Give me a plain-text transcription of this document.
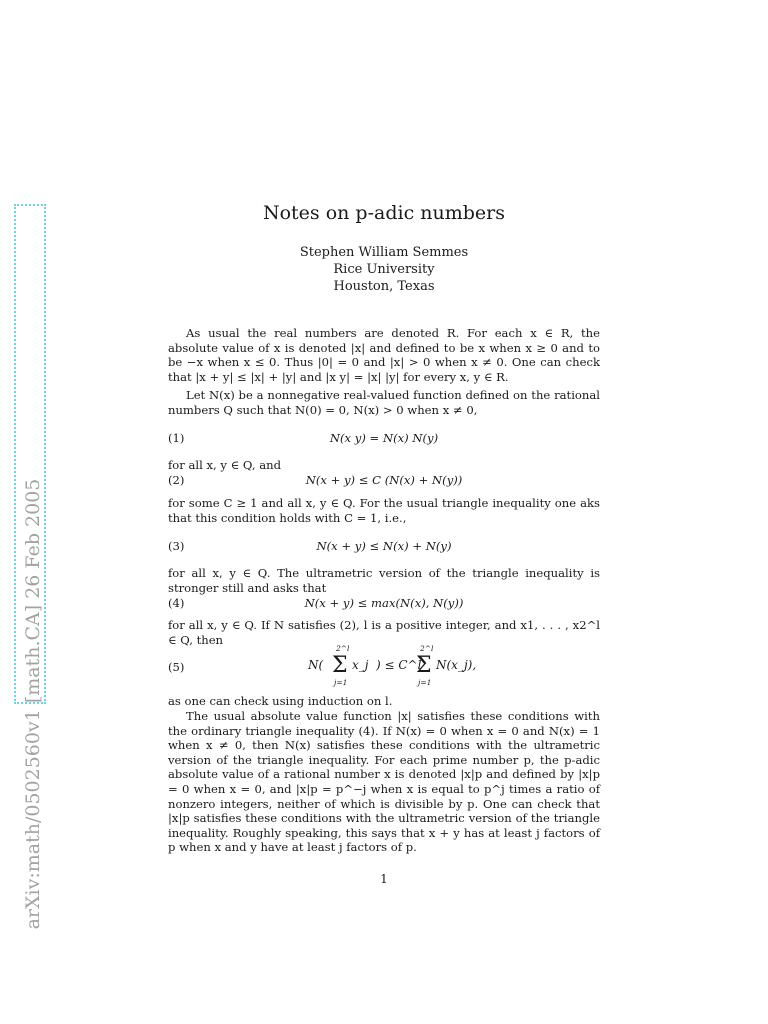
arXiv:math/0502560v1 [math.CA] 26 Feb 2005
Notes on p-adic numbers
Stephen William Semmes
Rice University
Houston, Texas
As usual the real numbers are denoted R. For each x ∈ R, the absolute value of x is denoted |x| and defined to be x when x ≥ 0 and to be −x when x ≤ 0. Thus |0| = 0 and |x| > 0 when x ≠ 0. One can check that |x + y| ≤ |x| + |y| and |x y| = |x| |y| for every x, y ∈ R.
Let N(x) be a nonnegative real-valued function defined on the rational numbers Q such that N(0) = 0, N(x) > 0 when x ≠ 0,
(1)	N(x y) = N(x) N(y)
for all x, y ∈ Q, and
(2)	N(x + y) ≤ C (N(x) + N(y))
for some C ≥ 1 and all x, y ∈ Q. For the usual triangle inequality one aks that this condition holds with C = 1, i.e.,
(3)	N(x + y) ≤ N(x) + N(y)
for all x, y ∈ Q. The ultrametric version of the triangle inequality is stronger still and asks that
(4)	N(x + y) ≤ max(N(x), N(y))
for all x, y ∈ Q. If N satisfies (2), l is a positive integer, and x1, . . . , x2^l ∈ Q, then
(5)	N(
2^l
Σ x_j
j=1
) ≤ C^l
2^l
Σ N(x_j),
j=1
as one can check using induction on l.
The usual absolute value function |x| satisfies these conditions with the ordinary triangle inequality (4). If N(x) = 0 when x = 0 and N(x) = 1 when x ≠ 0, then N(x) satisfies these conditions with the ultrametric version of the triangle inequality. For each prime number p, the p-adic absolute value of a rational number x is denoted |x|p and defined by |x|p = 0 when x = 0, and |x|p = p^−j when x is equal to p^j times a ratio of nonzero integers, neither of which is divisible by p. One can check that |x|p satisfies these conditions with the ultrametric version of the triangle inequality. Roughly speaking, this says that x + y has at least j factors of p when x and y have at least j factors of p.
1
